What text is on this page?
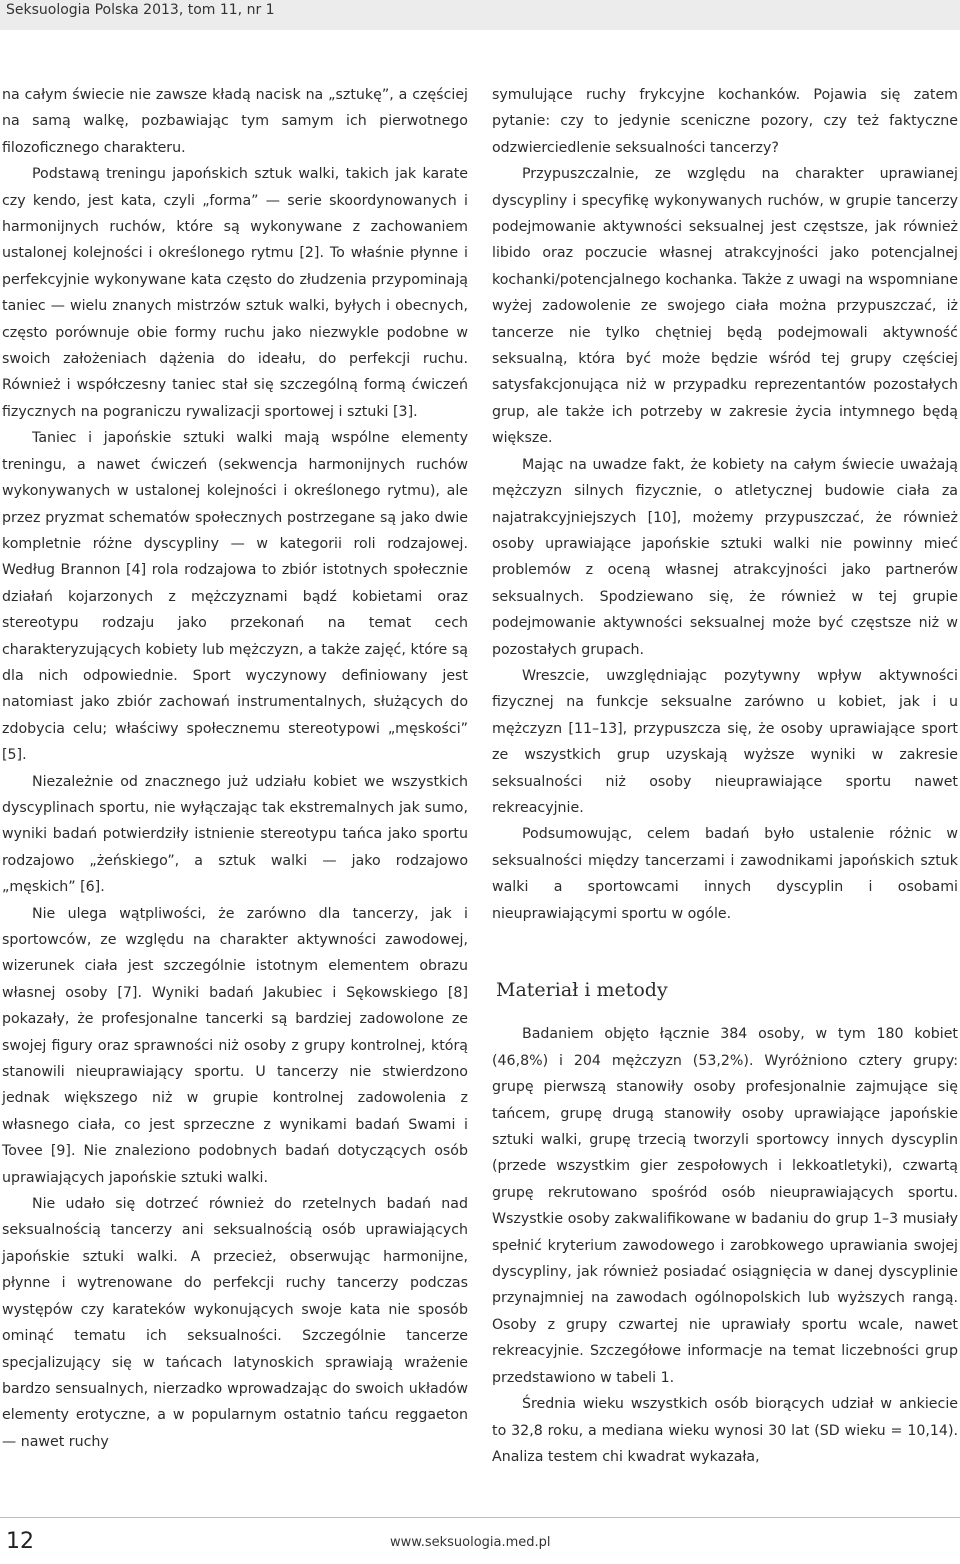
Seksuologia Polska 2013, tom 11, nr 1

na całym świecie nie zawsze kładą nacisk na „sztukę”, a częściej na samą walkę, pozbawiając tym samym ich pierwotnego filozoficznego charakteru.

Podstawą treningu japońskich sztuk walki, takich jak karate czy kendo, jest kata, czyli „forma” — serie skoordynowanych i harmonijnych ruchów, które są wykonywane z zachowaniem ustalonej kolejności i określonego rytmu [2]. To właśnie płynne i perfekcyjnie wykonywane kata często do złudzenia przypominają taniec — wielu znanych mistrzów sztuk walki, byłych i obecnych, często porównuje obie formy ruchu jako niezwykle podobne w swoich założeniach dążenia do ideału, do perfekcji ruchu. Również i współczesny taniec stał się szczególną formą ćwiczeń fizycznych na pograniczu rywalizacji sportowej i sztuki [3].

Taniec i japońskie sztuki walki mają wspólne elementy treningu, a nawet ćwiczeń (sekwencja harmonijnych ruchów wykonywanych w ustalonej kolejności i określonego rytmu), ale przez pryzmat schematów społecznych postrzegane są jako dwie kompletnie różne dyscypliny — w kategorii roli rodzajowej. Według Brannon [4] rola rodzajowa to zbiór istotnych społecznie działań kojarzonych z mężczyznami bądź kobietami oraz stereotypu rodzaju jako przekonań na temat cech charakteryzujących kobiety lub mężczyzn, a także zajęć, które są dla nich odpowiednie. Sport wyczynowy definiowany jest natomiast jako zbiór zachowań instrumentalnych, służących do zdobycia celu; właściwy społecznemu stereotypowi „męskości” [5].

Niezależnie od znacznego już udziału kobiet we wszystkich dyscyplinach sportu, nie wyłączając tak ekstremalnych jak sumo, wyniki badań potwierdziły istnienie stereotypu tańca jako sportu rodzajowo „żeńskiego”, a sztuk walki — jako rodzajowo „męskich” [6].

Nie ulega wątpliwości, że zarówno dla tancerzy, jak i sportowców, ze względu na charakter aktywności zawodowej, wizerunek ciała jest szczególnie istotnym elementem obrazu własnej osoby [7]. Wyniki badań Jakubiec i Sękowskiego [8] pokazały, że profesjonalne tancerki są bardziej zadowolone ze swojej figury oraz sprawności niż osoby z grupy kontrolnej, którą stanowili nieuprawiający sportu. U tancerzy nie stwierdzono jednak większego niż w grupie kontrolnej zadowolenia z własnego ciała, co jest sprzeczne z wynikami badań Swami i Tovee [9]. Nie znaleziono podobnych badań dotyczących osób uprawiających japońskie sztuki walki.

Nie udało się dotrzeć również do rzetelnych badań nad seksualnością tancerzy ani seksualnością osób uprawiających japońskie sztuki walki. A przecież, obserwując harmonijne, płynne i wytrenowane do perfekcji ruchy tancerzy podczas występów czy karateków wykonujących swoje kata nie sposób ominąć tematu ich seksualności. Szczególnie tancerze specjalizujący się w tańcach latynoskich sprawiają wrażenie bardzo sensualnych, nierzadko wprowadzając do swoich układów elementy erotyczne, a w popularnym ostatnio tańcu reggaeton — nawet ruchy

symulujące ruchy frykcyjne kochanków. Pojawia się zatem pytanie: czy to jedynie sceniczne pozory, czy też faktyczne odzwierciedlenie seksualności tancerzy?

Przypuszczalnie, ze względu na charakter uprawianej dyscypliny i specyfikę wykonywanych ruchów, w grupie tancerzy podejmowanie aktywności seksualnej jest częstsze, jak również libido oraz poczucie własnej atrakcyjności jako potencjalnej kochanki/potencjalnego kochanka. Także z uwagi na wspomniane wyżej zadowolenie ze swojego ciała można przypuszczać, iż tancerze nie tylko chętniej będą podejmowali aktywność seksualną, która być może będzie wśród tej grupy częściej satysfakcjonująca niż w przypadku reprezentantów pozostałych grup, ale także ich potrzeby w zakresie życia intymnego będą większe.

Mając na uwadze fakt, że kobiety na całym świecie uważają mężczyzn silnych fizycznie, o atletycznej budowie ciała za najatrakcyjniejszych [10], możemy przypuszczać, że również osoby uprawiające japońskie sztuki walki nie powinny mieć problemów z oceną własnej atrakcyjności jako partnerów seksualnych. Spodziewano się, że również w tej grupie podejmowanie aktywności seksualnej może być częstsze niż w pozostałych grupach.

Wreszcie, uwzględniając pozytywny wpływ aktywności fizycznej na funkcje seksualne zarówno u kobiet, jak i u mężczyzn [11–13], przypuszcza się, że osoby uprawiające sport ze wszystkich grup uzyskają wyższe wyniki w zakresie seksualności niż osoby nieuprawiające sportu nawet rekreacyjnie.

Podsumowując, celem badań było ustalenie różnic w seksualności między tancerzami i zawodnikami japońskich sztuk walki a sportowcami innych dyscyplin i osobami nieuprawiającymi sportu w ogóle.

Materiał i metody

Badaniem objęto łącznie 384 osoby, w tym 180 kobiet (46,8%) i 204 mężczyzn (53,2%). Wyróżniono cztery grupy: grupę pierwszą stanowiły osoby profesjonalnie zajmujące się tańcem, grupę drugą stanowiły osoby uprawiające japońskie sztuki walki, grupę trzecią tworzyli sportowcy innych dyscyplin (przede wszystkim gier zespołowych i lekkoatletyki), czwartą grupę rekrutowano spośród osób nieuprawiających sportu. Wszystkie osoby zakwalifikowane w badaniu do grup 1–3 musiały spełnić kryterium zawodowego i zarobkowego uprawiania swojej dyscypliny, jak również posiadać osiągnięcia w danej dyscyplinie przynajmniej na zawodach ogólnopolskich lub wyższych rangą. Osoby z grupy czwartej nie uprawiały sportu wcale, nawet rekreacyjnie. Szczegółowe informacje na temat liczebności grup przedstawiono w tabeli 1.

Średnia wieku wszystkich osób biorących udział w ankiecie to 32,8 roku, a mediana wieku wynosi 30 lat (SD wieku = 10,14). Analiza testem chi kwadrat wykazała,

12	www.seksuologia.med.pl
